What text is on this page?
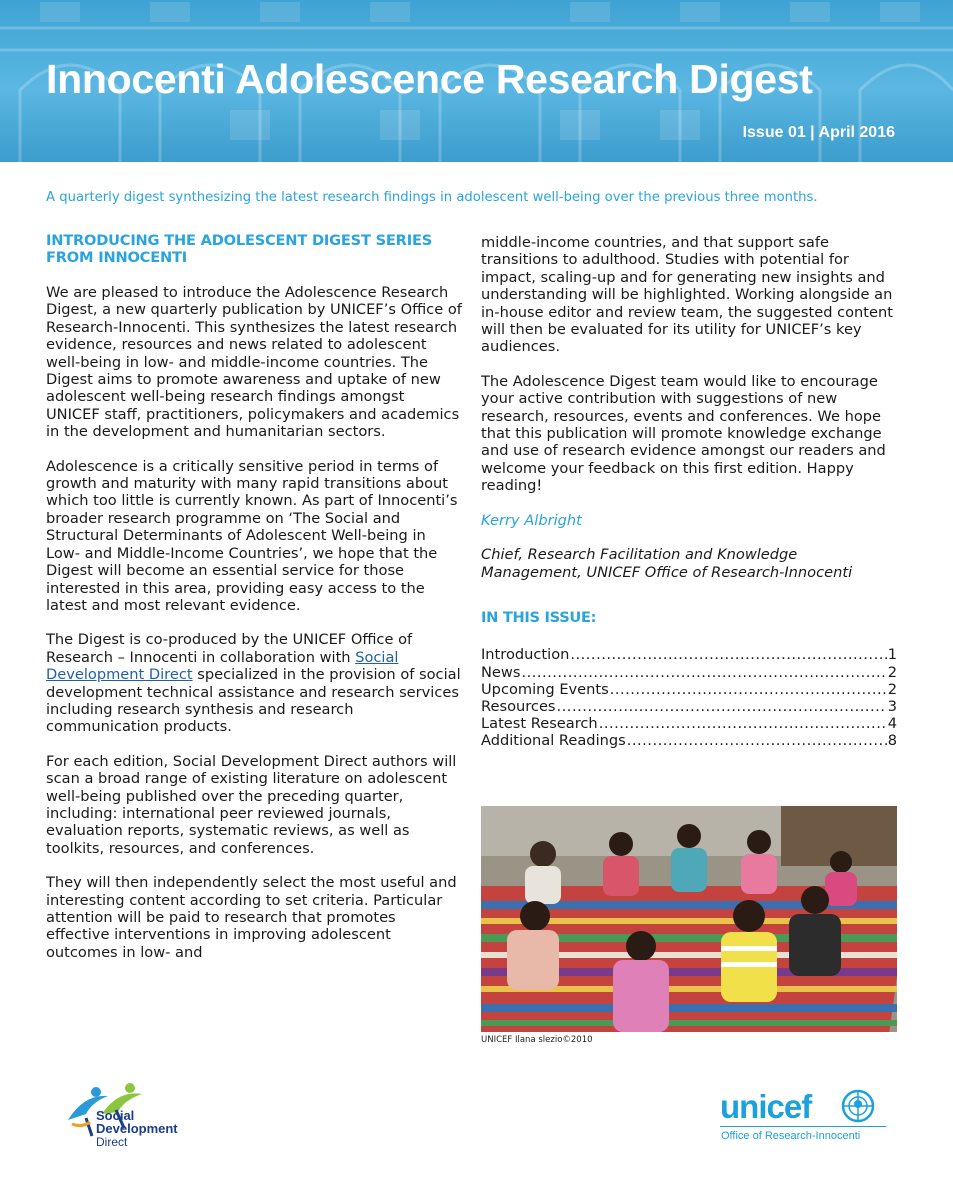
Innocenti Adolescence Research Digest
Issue 01 | April 2016
A quarterly digest synthesizing the latest research findings in adolescent well-being over the previous three months.
INTRODUCING THE ADOLESCENT DIGEST SERIES
FROM INNOCENTI

We are pleased to introduce the Adolescence Research Digest, a new quarterly publication by UNICEF’s Office of Research-Innocenti. This synthesizes the latest research evidence, resources and news related to adolescent well-being in low- and middle-income countries. The Digest aims to promote awareness and uptake of new adolescent well-being research findings amongst UNICEF staff, practitioners, policymakers and academics in the development and humanitarian sectors.

Adolescence is a critically sensitive period in terms of growth and maturity with many rapid transitions about which too little is currently known. As part of Innocenti’s broader research programme on ‘The Social and Structural Determinants of Adolescent Well-being in Low- and Middle-Income Countries’, we hope that the Digest will become an essential service for those interested in this area, providing easy access to the latest and most relevant evidence.

The Digest is co-produced by the UNICEF Office of Research – Innocenti in collaboration with Social Development Direct specialized in the provision of social development technical assistance and research services including research synthesis and research communication products.

For each edition, Social Development Direct authors will scan a broad range of existing literature on adolescent well-being published over the preceding quarter, including: international peer reviewed journals, evaluation reports, systematic reviews, as well as toolkits, resources, and conferences.

They will then independently select the most useful and interesting content according to set criteria. Particular attention will be paid to research that promotes effective interventions in improving adolescent outcomes in low- and

middle-income countries, and that support safe transitions to adulthood. Studies with potential for impact, scaling-up and for generating new insights and understanding will be highlighted. Working alongside an in-house editor and review team, the suggested content will then be evaluated for its utility for UNICEF’s key audiences.

The Adolescence Digest team would like to encourage your active contribution with suggestions of new research, resources, events and conferences. We hope that this publication will promote knowledge exchange and use of research evidence amongst our readers and welcome your feedback on this first edition. Happy reading!

Kerry Albright

Chief, Research Facilitation and Knowledge Management, UNICEF Office of Research-Innocenti

IN THIS ISSUE:
Introduction .....	1
News .....	2
Upcoming Events .....	2
Resources .....	3
Latest Research .....	4
Additional Readings .....	8
UNICEF Ilana slezio©2010
Social
Development
Direct
unicef
Office of Research-Innocenti
